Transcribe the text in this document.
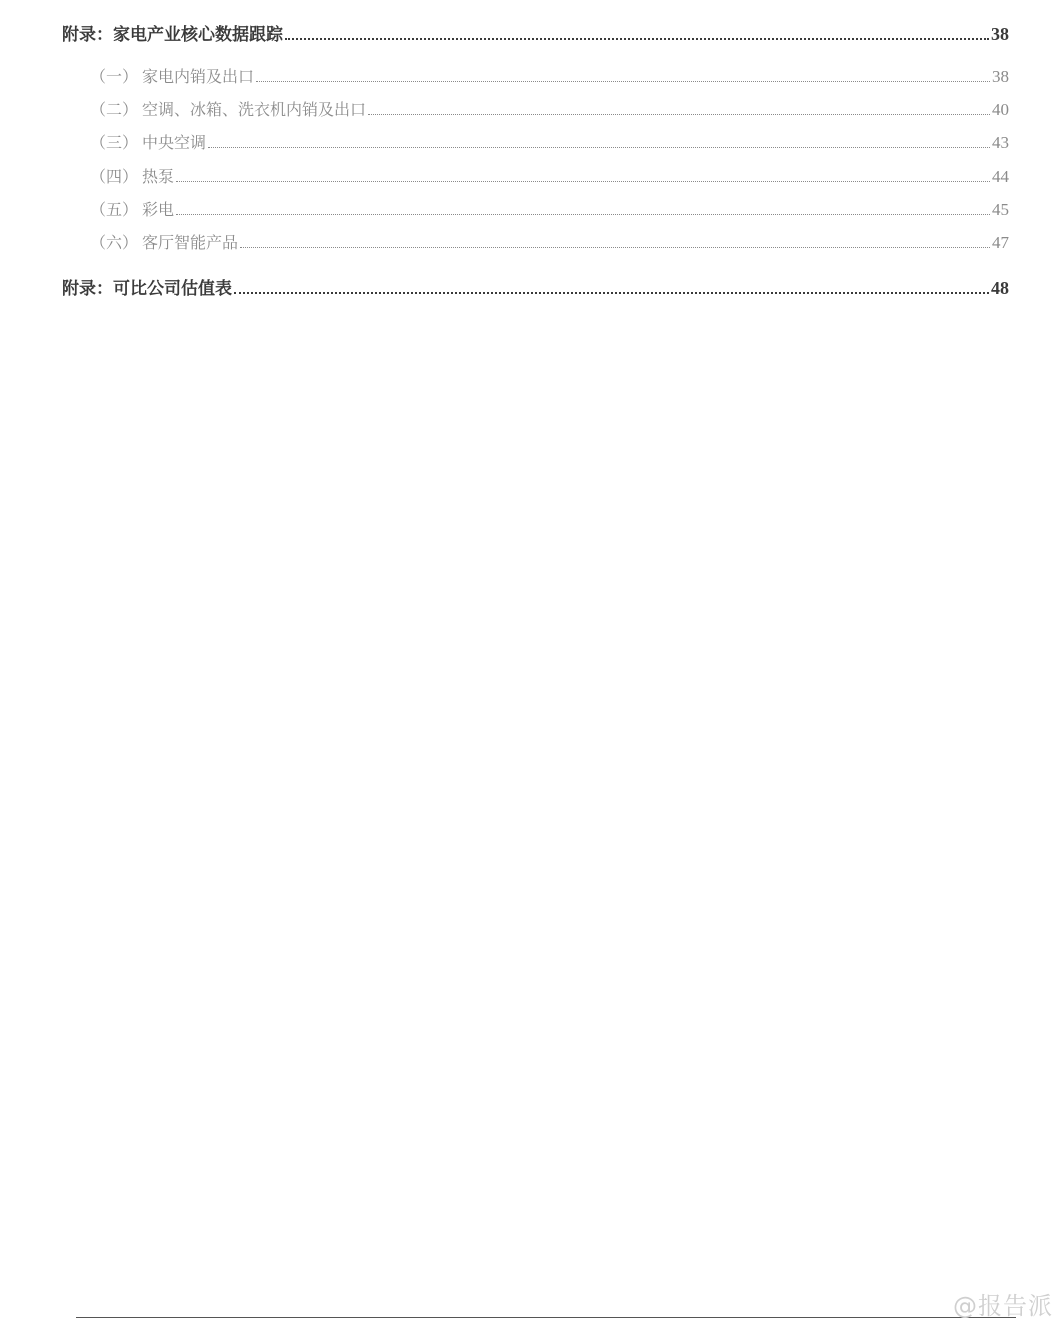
附录：家电产业核心数据跟踪	38
（一） 家电内销及出口	38
（二） 空调、冰箱、洗衣机内销及出口	40
（三） 中央空调	43
（四） 热泵	44
（五） 彩电	45
（六） 客厅智能产品	47
附录：可比公司估值表	48
@报告派
